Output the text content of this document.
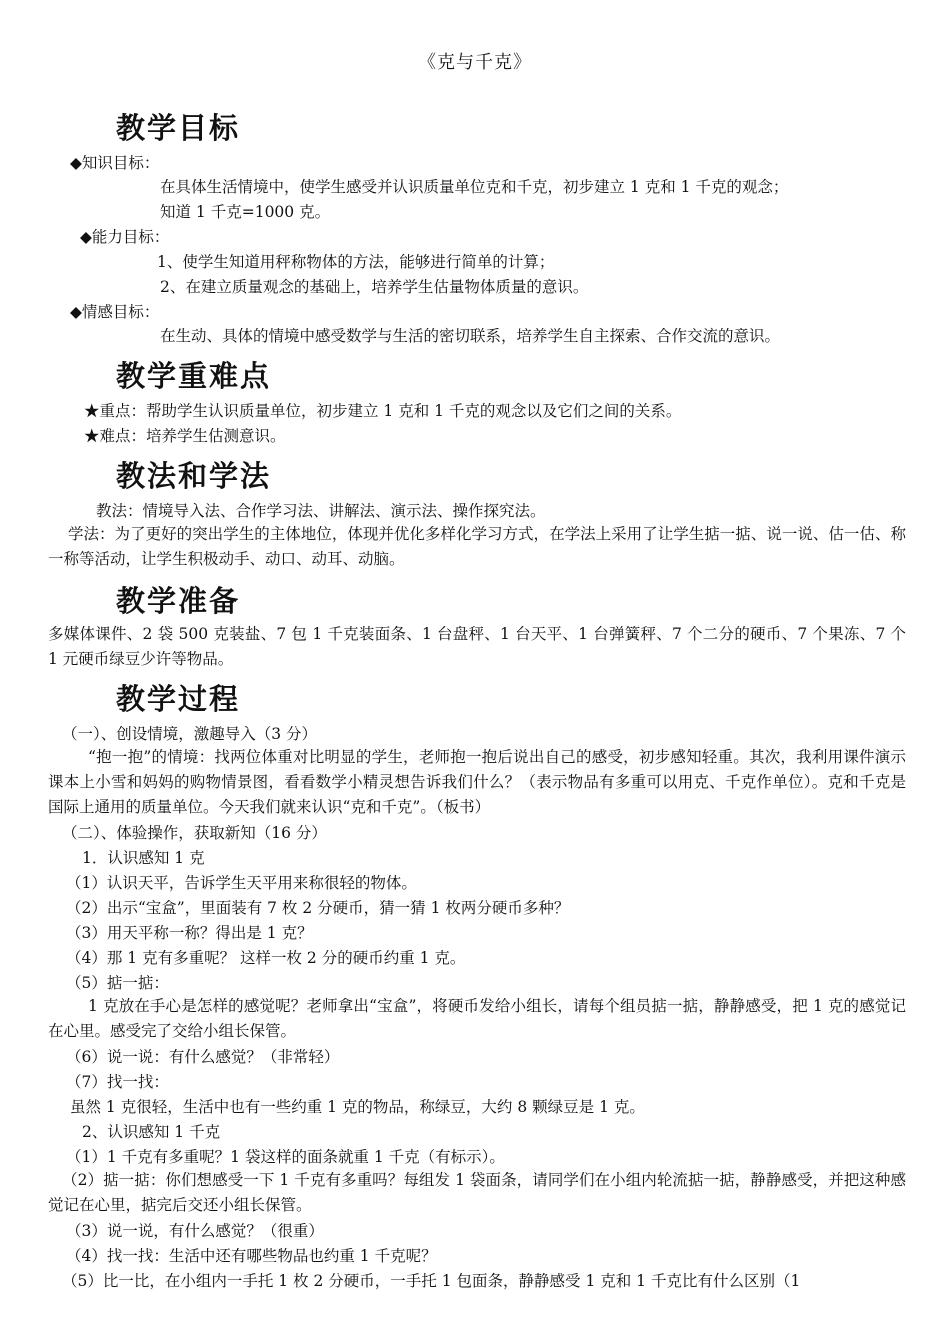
《克与千克》
教学目标
◆知识目标：
在具体生活情境中，使学生感受并认识质量单位克和千克，初步建立 1 克和 1 千克的观念；
知道 1 千克=1000 克。
◆能力目标：
1、使学生知道用秤称物体的方法，能够进行简单的计算；
2、在建立质量观念的基础上，培养学生估量物体质量的意识。
◆情感目标：
在生动、具体的情境中感受数学与生活的密切联系，培养学生自主探索、合作交流的意识。
教学重难点
★重点：帮助学生认识质量单位，初步建立 1 克和 1 千克的观念以及它们之间的关系。
★难点：培养学生估测意识。
教法和学法
教法：情境导入法、合作学习法、讲解法、演示法、操作探究法。
学法：为了更好的突出学生的主体地位，体现并优化多样化学习方式，在学法上采用了让学生掂一掂、说一说、估一估、称一称等活动，让学生积极动手、动口、动耳、动脑。
教学准备
多媒体课件、2 袋 500 克装盐、7 包 1 千克装面条、1 台盘秤、1 台天平、1 台弹簧秤、7 个二分的硬币、7 个果冻、7 个 1 元硬币绿豆少许等物品。
教学过程
（一）、创设情境，激趣导入（3 分）
“抱一抱”的情境：找两位体重对比明显的学生，老师抱一抱后说出自己的感受，初步感知轻重。其次，我利用课件演示课本上小雪和妈妈的购物情景图，看看数学小精灵想告诉我们什么？（表示物品有多重可以用克、千克作单位）。克和千克是国际上通用的质量单位。今天我们就来认识“克和千克”。（板书）
（二）、体验操作，获取新知（16 分）
1．认识感知 1 克
（1）认识天平，告诉学生天平用来称很轻的物体。
（2）出示“宝盒”，里面装有 7 枚 2 分硬币，猜一猜 1 枚两分硬币多种？
（3）用天平称一称？得出是 1 克？
（4）那 1 克有多重呢？ 这样一枚 2 分的硬币约重 1 克。
（5）掂一掂：
1 克放在手心是怎样的感觉呢？老师拿出“宝盒”，将硬币发给小组长，请每个组员掂一掂，静静感受，把 1 克的感觉记在心里。感受完了交给小组长保管。
（6）说一说：有什么感觉？（非常轻）
（7）找一找：
虽然 1 克很轻，生活中也有一些约重 1 克的物品，称绿豆，大约 8 颗绿豆是 1 克。
2、认识感知 1 千克
（1）1 千克有多重呢？1 袋这样的面条就重 1 千克（有标示）。
（2）掂一掂：你们想感受一下 1 千克有多重吗？每组发 1 袋面条，请同学们在小组内轮流掂一掂，静静感受，并把这种感觉记在心里，掂完后交还小组长保管。
（3）说一说，有什么感觉？（很重）
（4）找一找：生活中还有哪些物品也约重 1 千克呢？
（5）比一比，在小组内一手托 1 枚 2 分硬币，一手托 1 包面条，静静感受 1 克和 1 千克比有什么区别（1
